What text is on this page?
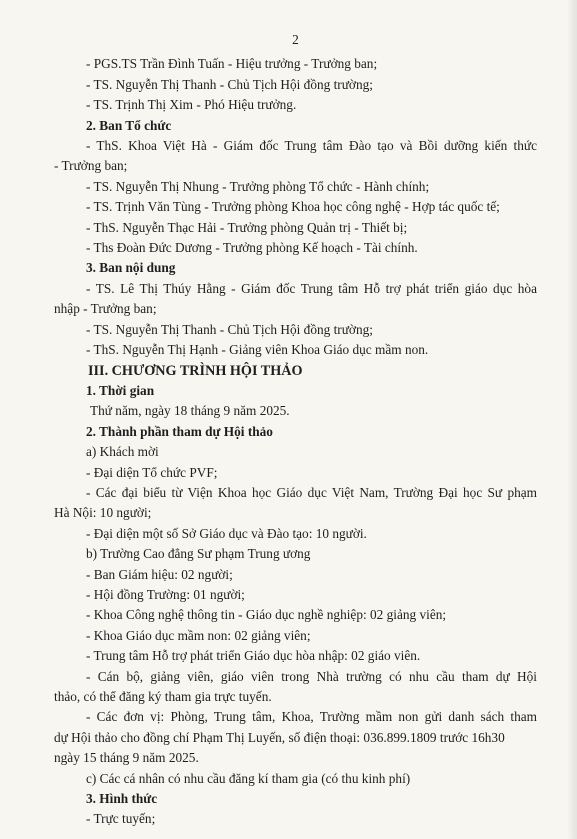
2
- PGS.TS Trần Đình Tuấn - Hiệu trưởng - Trưởng ban;
- TS. Nguyễn Thị Thanh - Chủ Tịch Hội đồng trường;
- TS. Trịnh Thị Xim - Phó Hiệu trưởng.
2. Ban Tổ chức
- ThS. Khoa Việt Hà - Giám đốc Trung tâm Đào tạo và Bồi dưỡng kiến thức
- Trưởng ban;
- TS. Nguyễn Thị Nhung - Trưởng phòng Tổ chức - Hành chính;
- TS. Trịnh Văn Tùng - Trưởng phòng Khoa học công nghệ - Hợp tác quốc tế;
- ThS. Nguyễn Thạc Hải - Trưởng phòng Quản trị - Thiết bị;
- Ths Đoàn Đức Dương - Trưởng phòng Kế hoạch - Tài chính.
3. Ban nội dung
- TS. Lê Thị Thúy Hằng - Giám đốc Trung tâm Hỗ trợ phát triển giáo dục hòa
nhập - Trưởng ban;
- TS. Nguyễn Thị Thanh - Chủ Tịch Hội đồng trường;
- ThS. Nguyễn Thị Hạnh - Giảng viên Khoa Giáo dục mầm non.
III. CHƯƠNG TRÌNH HỘI THẢO
1. Thời gian
Thứ năm, ngày 18 tháng 9 năm 2025.
2. Thành phần tham dự Hội thảo
a) Khách mời
- Đại diện Tổ chức PVF;
- Các đại biểu từ Viện Khoa học Giáo dục Việt Nam, Trường Đại học Sư phạm
Hà Nội: 10 người;
- Đại diện một số Sở Giáo dục và Đào tạo: 10 người.
b) Trường Cao đẳng Sư phạm Trung ương
- Ban Giám hiệu: 02 người;
- Hội đồng Trường: 01 người;
- Khoa Công nghệ thông tin - Giáo dục nghề nghiệp: 02 giảng viên;
- Khoa Giáo dục mầm non: 02 giảng viên;
- Trung tâm Hỗ trợ phát triển Giáo dục hòa nhập: 02 giáo viên.
- Cán bộ, giảng viên, giáo viên trong Nhà trường có nhu cầu tham dự Hội
thảo, có thể đăng ký tham gia trực tuyến.
- Các đơn vị: Phòng, Trung tâm, Khoa, Trường mầm non gửi danh sách tham
dự Hội thảo cho đồng chí Phạm Thị Luyến, số điện thoại: 036.899.1809 trước 16h30
ngày 15 tháng 9 năm 2025.
c) Các cá nhân có nhu cầu đăng kí tham gia (có thu kinh phí)
3. Hình thức
- Trực tuyến;
